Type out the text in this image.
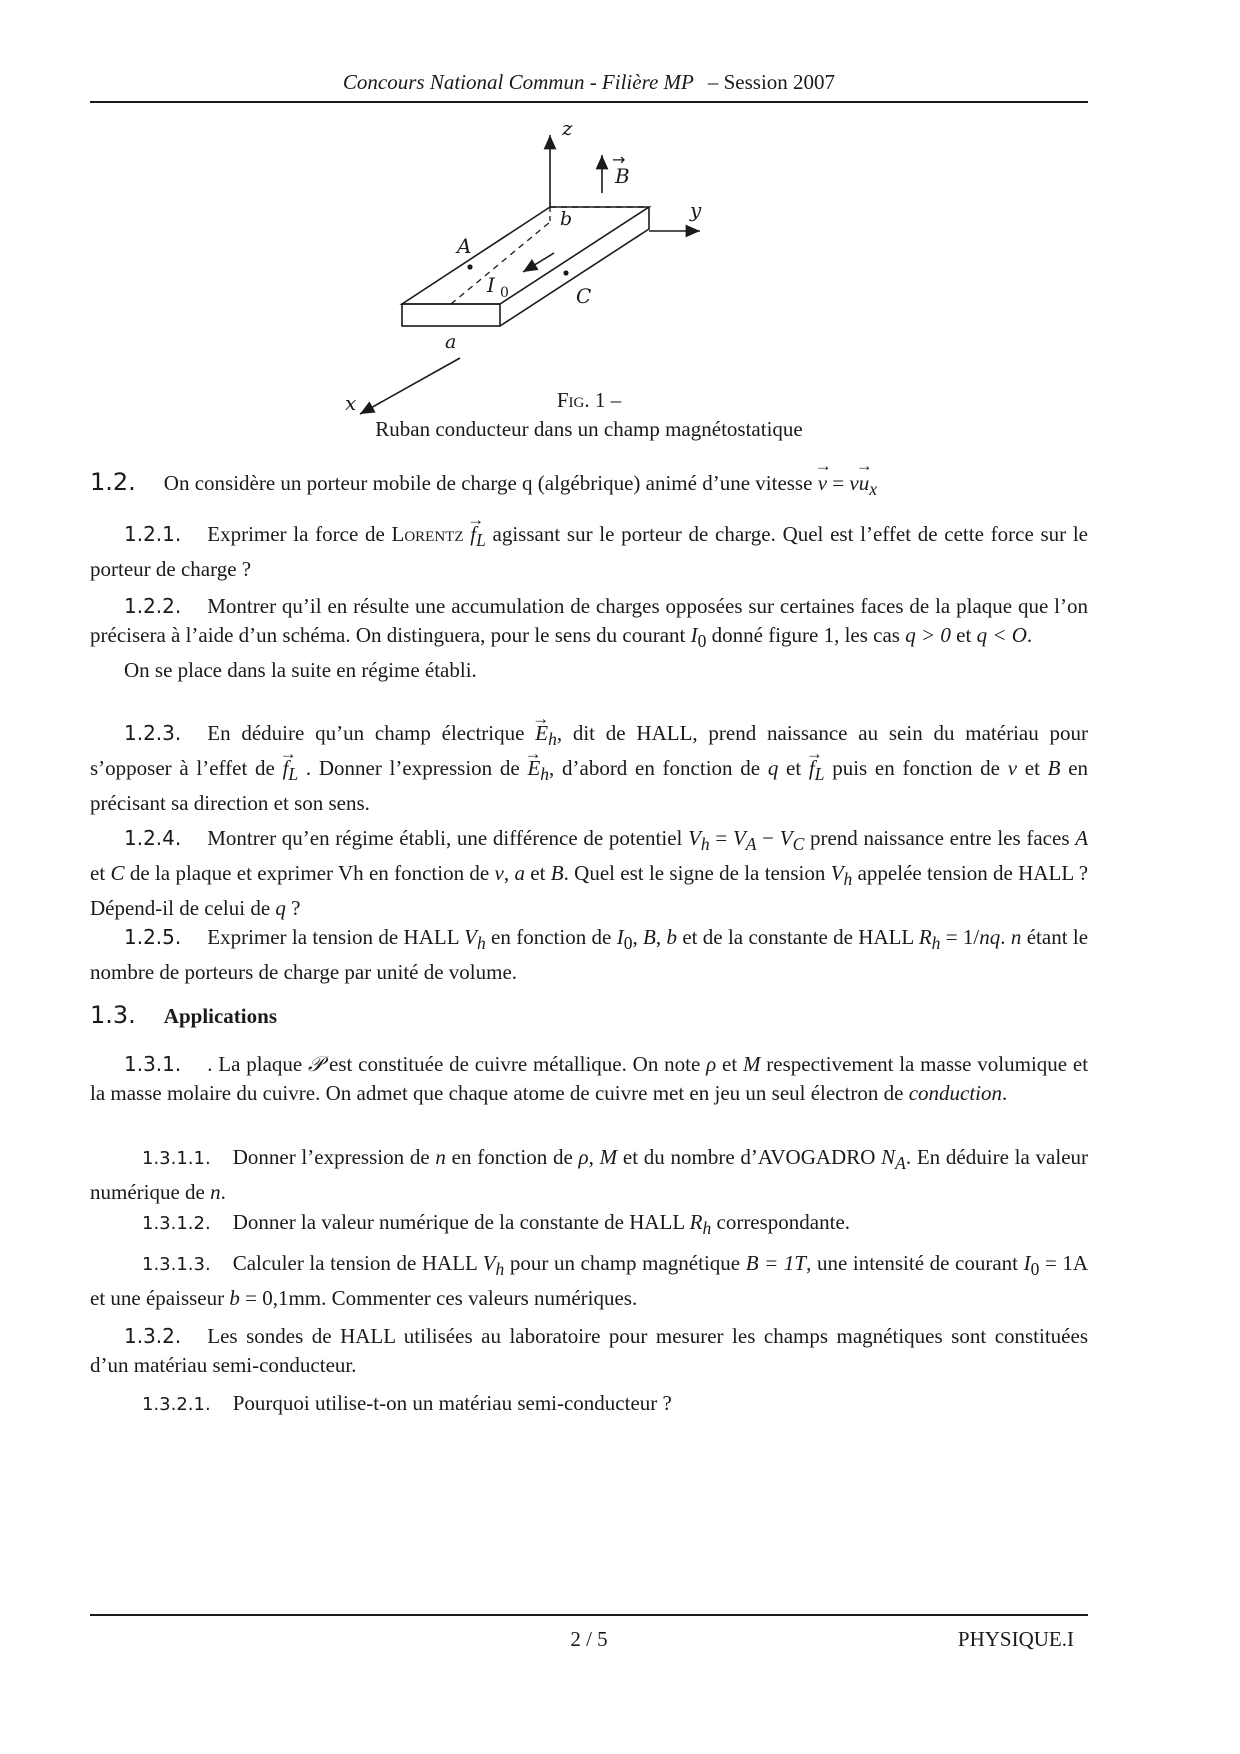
Concours National Commun - Filière MP – Session 2007
z
y
x
B
b
A
C
I 0
a
→
Fig. 1 –
Ruban conducteur dans un champ magnétostatique
1.2. On considère un porteur mobile de charge q (algébrique) animé d’une vitesse → $v = v\to u_x$
1.2.1. Exprimer la force de Lorentz → $f_L$ agissant sur le porteur de charge. Quel est l’effet de cette force sur le porteur de charge ?
1.2.2. Montrer qu’il en résulte une accumulation de charges opposées sur certaines faces de la plaque que l’on précisera à l’aide d’un schéma. On distinguera, pour le sens du courant $I_0$ donné figure 1, les cas q > 0 et q < O.
On se place dans la suite en régime établi.
1.2.3. En déduire qu’un champ électrique → $E_h$, dit de HALL, prend naissance au sein du matériau pour s’opposer à l’effet de → $f_L$ . Donner l’expression de → $E_h$, d’abord en fonction de q et → $f_L$ puis en fonction de v et B en précisant sa direction et son sens.
1.2.4. Montrer qu’en régime établi, une différence de potentiel $V_h = V_A - V_C$ prend naissance entre les faces A et C de la plaque et exprimer Vh en fonction de v, a et B. Quel est le signe de la tension $V_h$ appelée tension de HALL ? Dépend-il de celui de q ?
1.2.5. Exprimer la tension de HALL $V_h$ en fonction de $I_0$, B, b et de la constante de HALL $R_h = 1/nq$. n étant le nombre de porteurs de charge par unité de volume.
1.3. Applications
1.3.1. . La plaque 𝒫 est constituée de cuivre métallique. On note ρ et M respectivement la masse volumique et la masse molaire du cuivre. On admet que chaque atome de cuivre met en jeu un seul électron de conduction.
1.3.1.1. Donner l’expression de n en fonction de ρ, M et du nombre d’AVOGADRO $N_A$. En déduire la valeur numérique de n.
1.3.1.2. Donner la valeur numérique de la constante de HALL $R_h$ correspondante.
1.3.1.3. Calculer la tension de HALL $V_h$ pour un champ magnétique B = 1T, une intensité de courant $I_0 = 1A$ et une épaisseur b = 0,1mm. Commenter ces valeurs numériques.
1.3.2. Les sondes de HALL utilisées au laboratoire pour mesurer les champs magnétiques sont constituées d’un matériau semi-conducteur.
1.3.2.1. Pourquoi utilise-t-on un matériau semi-conducteur ?
2 / 5	PHYSIQUE.I
